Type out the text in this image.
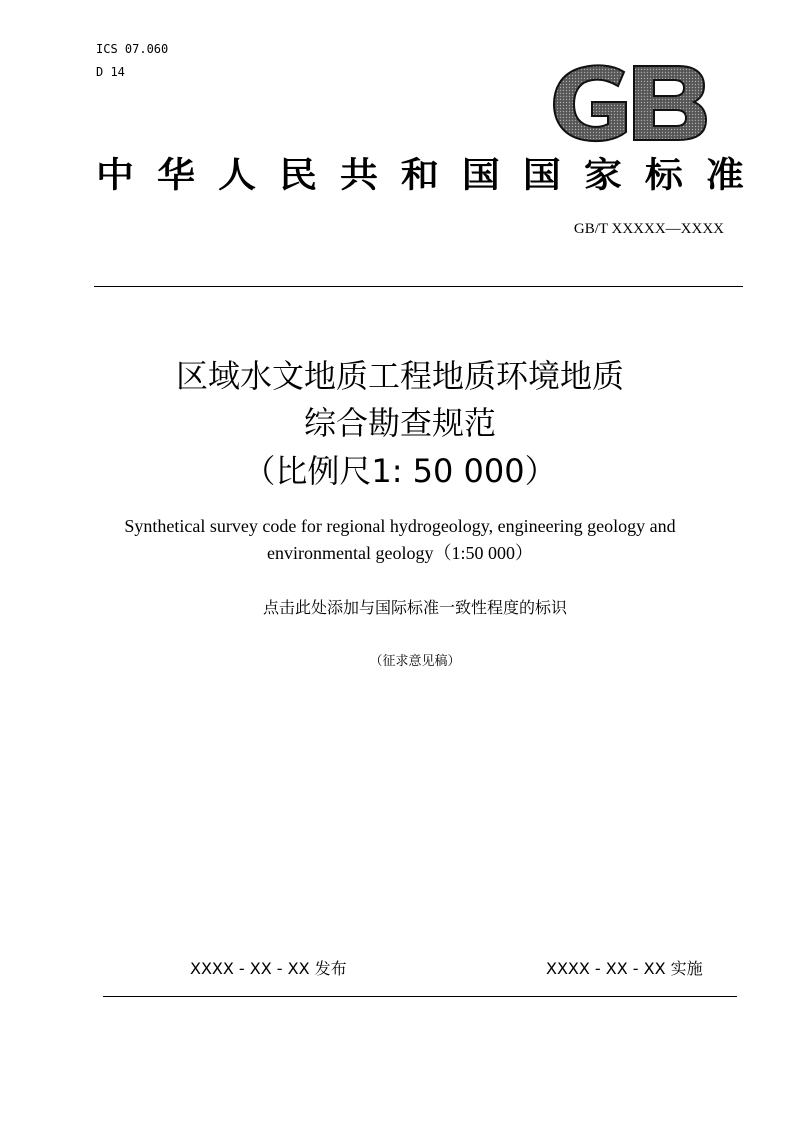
ICS 07.060
D 14
中 华 人 民 共 和 国 国 家 标 准
GB/T XXXXX—XXXX
区域水文地质工程地质环境地质
综合勘查规范
（比例尺1: 50 000）
Synthetical survey code for regional hydrogeology, engineering geology and environmental geology（1:50 000）
点击此处添加与国际标准一致性程度的标识
（征求意见稿）
XXXX - XX - XX 发布	XXXX - XX - XX 实施
